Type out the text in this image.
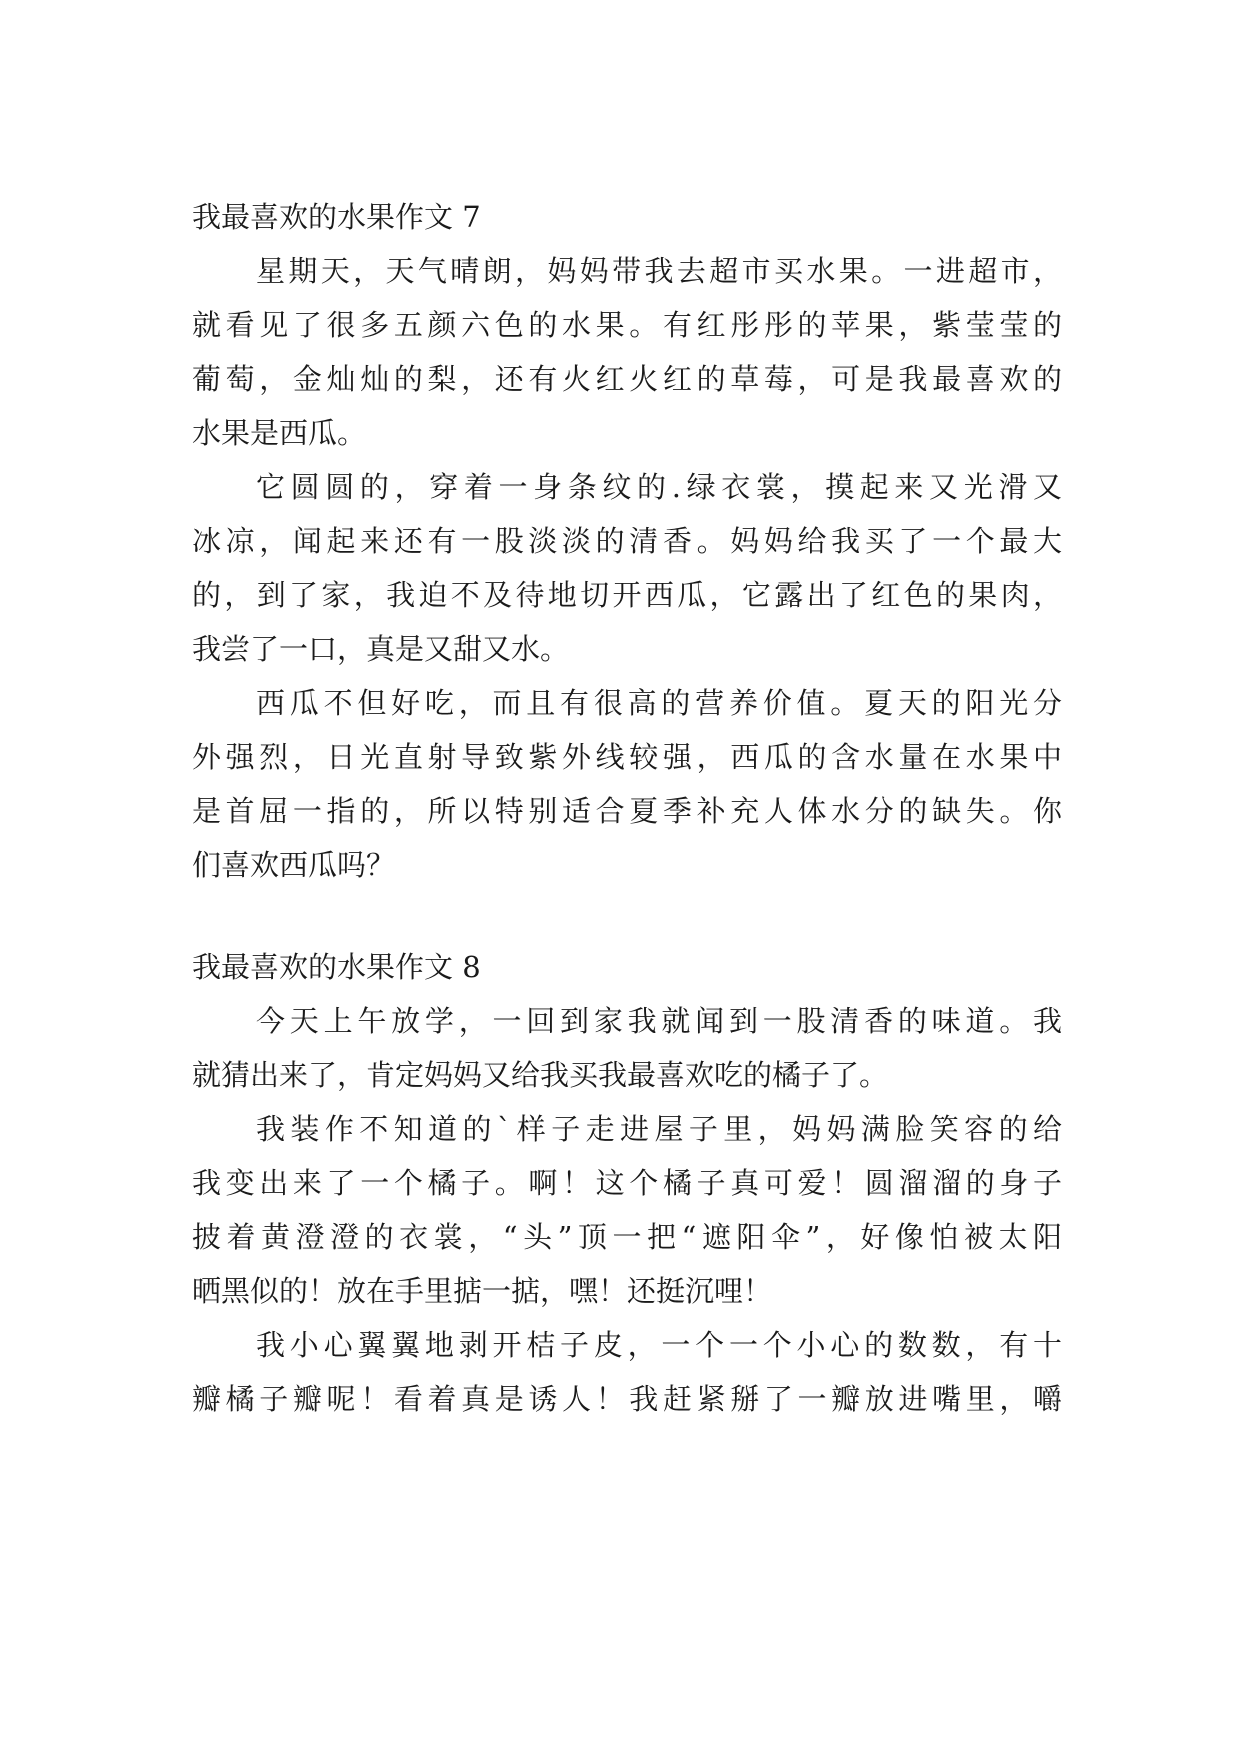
我最喜欢的水果作文 7
星期天，天气晴朗，妈妈带我去超市买水果。一进超市，
就看见了很多五颜六色的水果。有红彤彤的苹果，紫莹莹的
葡萄，金灿灿的梨，还有火红火红的草莓，可是我最喜欢的
水果是西瓜。
它圆圆的，穿着一身条纹的.绿衣裳，摸起来又光滑又
冰凉，闻起来还有一股淡淡的清香。妈妈给我买了一个最大
的，到了家，我迫不及待地切开西瓜，它露出了红色的果肉，
我尝了一口，真是又甜又水。
西瓜不但好吃，而且有很高的营养价值。夏天的阳光分
外强烈，日光直射导致紫外线较强，西瓜的含水量在水果中
是首屈一指的，所以特别适合夏季补充人体水分的缺失。你
们喜欢西瓜吗？
我最喜欢的水果作文 8
今天上午放学，一回到家我就闻到一股清香的味道。我
就猜出来了，肯定妈妈又给我买我最喜欢吃的橘子了。
我装作不知道的`样子走进屋子里，妈妈满脸笑容的给
我变出来了一个橘子。啊！这个橘子真可爱！圆溜溜的身子
披着黄澄澄的衣裳，“头”顶一把“遮阳伞”，好像怕被太阳
晒黑似的！放在手里掂一掂，嘿！还挺沉哩！
我小心翼翼地剥开桔子皮，一个一个小心的数数，有十
瓣橘子瓣呢！看着真是诱人！我赶紧掰了一瓣放进嘴里，嚼
